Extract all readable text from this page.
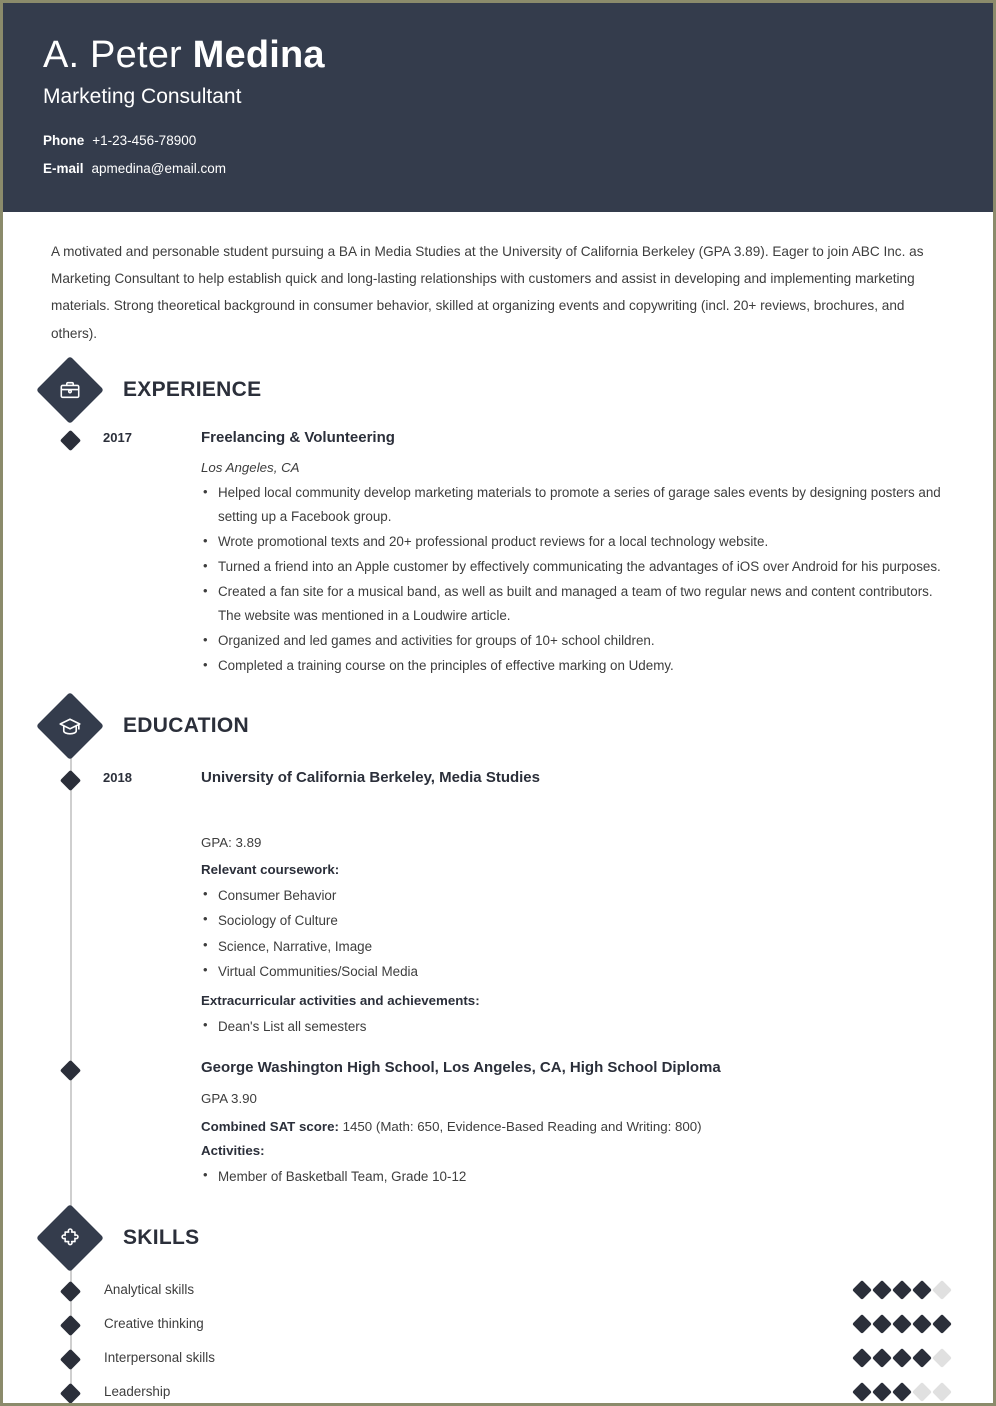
A. Peter Medina
Marketing Consultant
Phone +1-23-456-78900
E-mail apmedina@email.com
A motivated and personable student pursuing a BA in Media Studies at the University of California Berkeley (GPA 3.89). Eager to join ABC Inc. as Marketing Consultant to help establish quick and long-lasting relationships with customers and assist in developing and implementing marketing materials. Strong theoretical background in consumer behavior, skilled at organizing events and copywriting (incl. 20+ reviews, brochures, and others).
EXPERIENCE
2017	Freelancing & Volunteering
Los Angeles, CA
• Helped local community develop marketing materials to promote a series of garage sales events by designing posters and setting up a Facebook group.
• Wrote promotional texts and 20+ professional product reviews for a local technology website.
• Turned a friend into an Apple customer by effectively communicating the advantages of iOS over Android for his purposes.
• Created a fan site for a musical band, as well as built and managed a team of two regular news and content contributors. The website was mentioned in a Loudwire article.
• Organized and led games and activities for groups of 10+ school children.
• Completed a training course on the principles of effective marking on Udemy.
EDUCATION
2018	University of California Berkeley, Media Studies
GPA: 3.89
Relevant coursework:
• Consumer Behavior
• Sociology of Culture
• Science, Narrative, Image
• Virtual Communities/Social Media
Extracurricular activities and achievements:
• Dean's List all semesters
George Washington High School, Los Angeles, CA, High School Diploma
GPA 3.90
Combined SAT score: 1450 (Math: 650, Evidence-Based Reading and Writing: 800)
Activities:
• Member of Basketball Team, Grade 10-12
SKILLS
Analytical skills
Creative thinking
Interpersonal skills
Leadership
